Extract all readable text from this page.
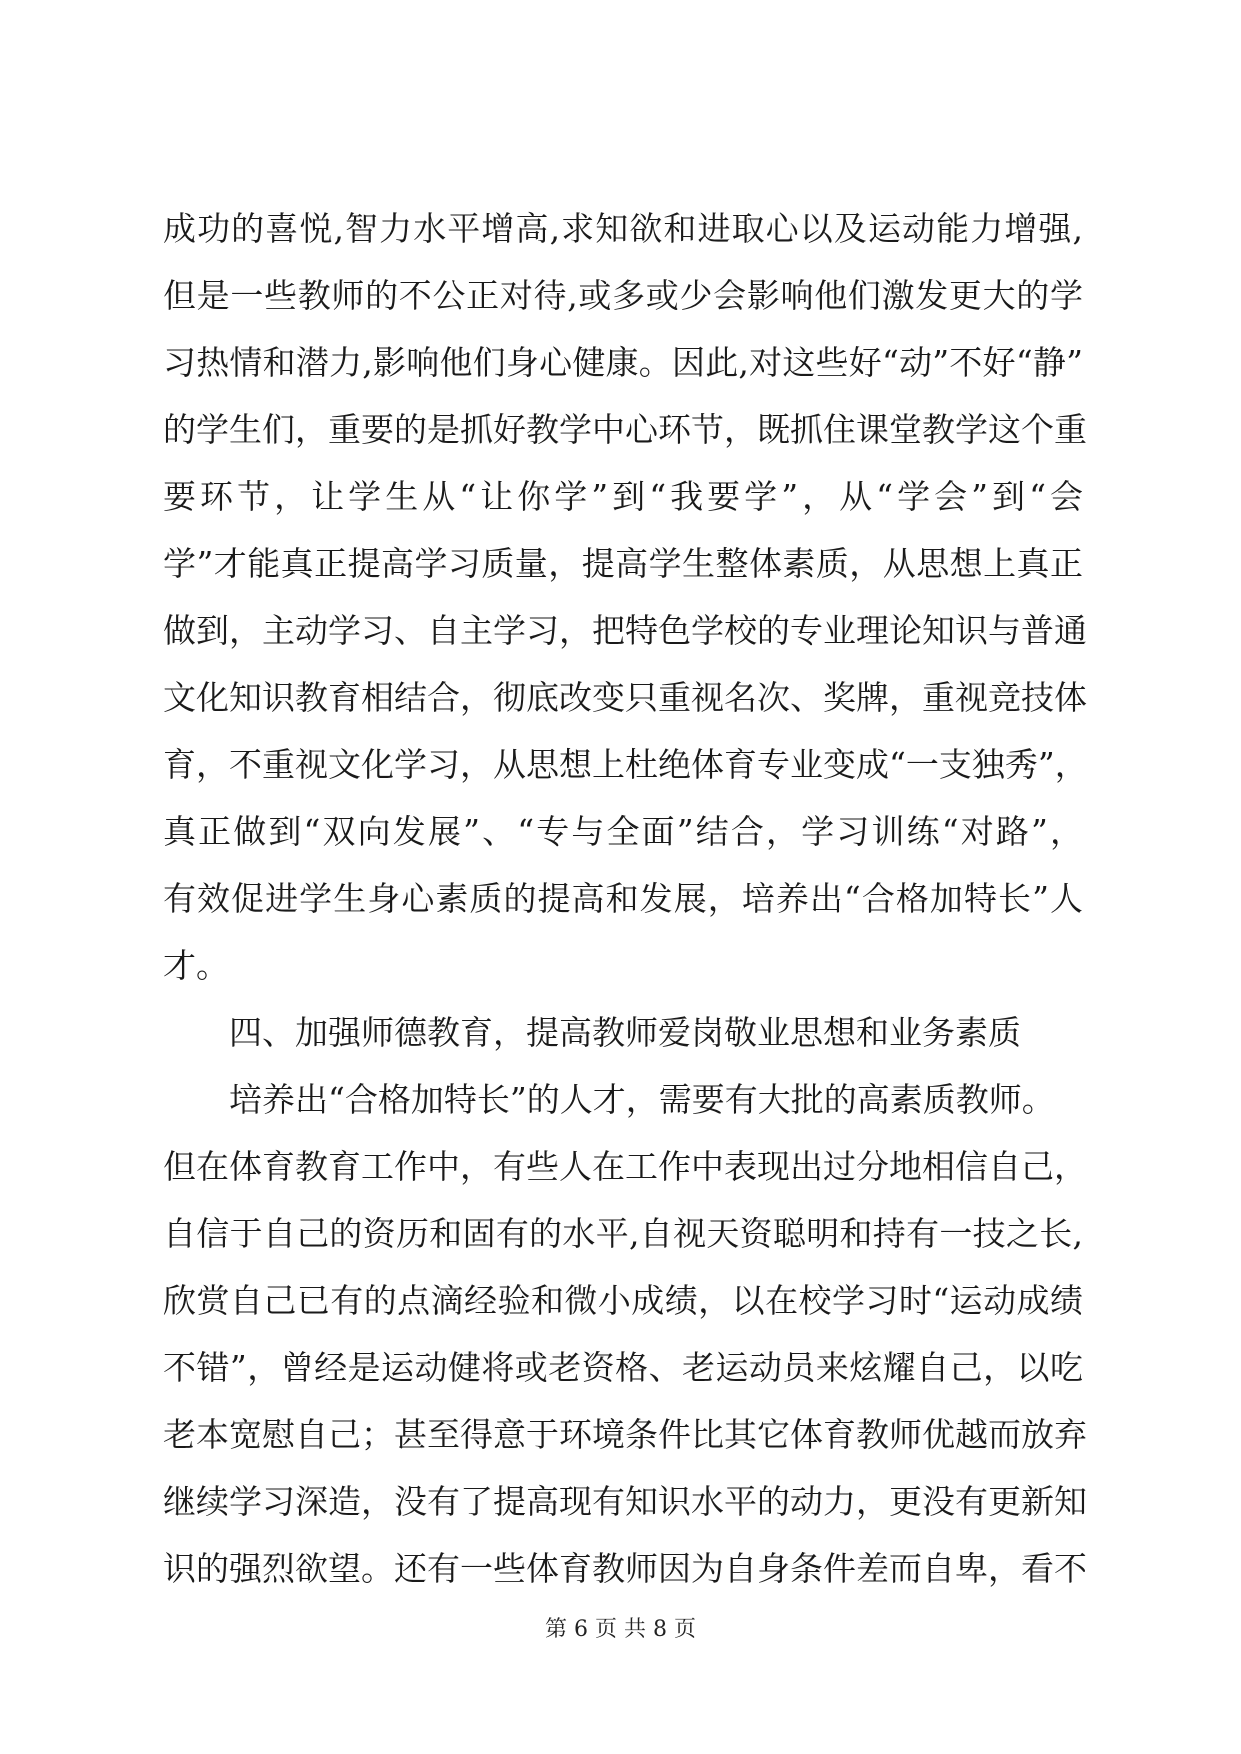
成功的喜悦,智力水平增高,求知欲和进取心以及运动能力增强,
但是一些教师的不公正对待,或多或少会影响他们激发更大的学
习热情和潜力,影响他们身心健康。因此,对这些好“动”不好“静”
的学生们，重要的是抓好教学中心环节，既抓住课堂教学这个重
要环节，让学生从“让你学”到“我要学”，从“学会”到“会
学”才能真正提高学习质量，提高学生整体素质，从思想上真正
做到，主动学习、自主学习，把特色学校的专业理论知识与普通
文化知识教育相结合，彻底改变只重视名次、奖牌，重视竞技体
育，不重视文化学习，从思想上杜绝体育专业变成“一支独秀”，
真正做到“双向发展”、“专与全面”结合，学习训练“对路”，
有效促进学生身心素质的提高和发展，培养出“合格加特长”人
才。
四、加强师德教育，提高教师爱岗敬业思想和业务素质
培养出“合格加特长”的人才，需要有大批的高素质教师。
但在体育教育工作中，有些人在工作中表现出过分地相信自己，
自信于自己的资历和固有的水平,自视天资聪明和持有一技之长,
欣赏自己已有的点滴经验和微小成绩，以在校学习时“运动成绩
不错”，曾经是运动健将或老资格、老运动员来炫耀自己，以吃
老本宽慰自己；甚至得意于环境条件比其它体育教师优越而放弃
继续学习深造，没有了提高现有知识水平的动力，更没有更新知
识的强烈欲望。还有一些体育教师因为自身条件差而自卑，看不
第 6 页 共 8 页
